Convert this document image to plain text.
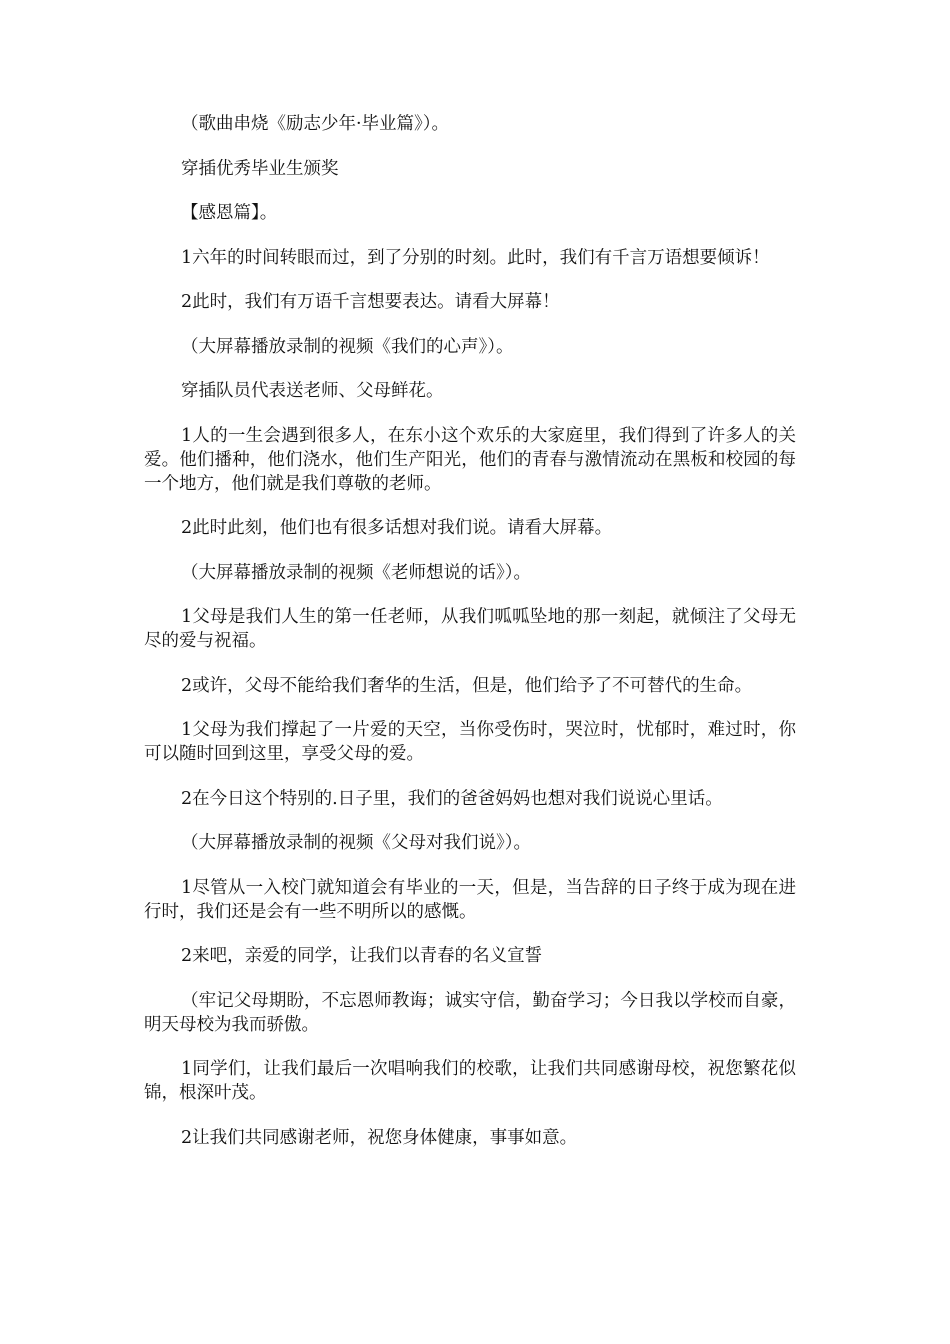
（歌曲串烧《励志少年·毕业篇》）。

穿插优秀毕业生颁奖

【感恩篇】。

1六年的时间转眼而过，到了分别的时刻。此时，我们有千言万语想要倾诉！

2此时，我们有万语千言想要表达。请看大屏幕！

（大屏幕播放录制的视频《我们的心声》）。

穿插队员代表送老师、父母鲜花。

1人的一生会遇到很多人，在东小这个欢乐的大家庭里，我们得到了许多人的关爱。他们播种，他们浇水，他们生产阳光，他们的青春与激情流动在黑板和校园的每一个地方，他们就是我们尊敬的老师。

2此时此刻，他们也有很多话想对我们说。请看大屏幕。

（大屏幕播放录制的视频《老师想说的话》）。

1父母是我们人生的第一任老师，从我们呱呱坠地的那一刻起，就倾注了父母无尽的爱与祝福。

2或许，父母不能给我们奢华的生活，但是，他们给予了不可替代的生命。

1父母为我们撑起了一片爱的天空，当你受伤时，哭泣时，忧郁时，难过时，你可以随时回到这里，享受父母的爱。

2在今日这个特别的.日子里，我们的爸爸妈妈也想对我们说说心里话。

（大屏幕播放录制的视频《父母对我们说》）。

1尽管从一入校门就知道会有毕业的一天，但是，当告辞的日子终于成为现在进行时，我们还是会有一些不明所以的感慨。

2来吧，亲爱的同学，让我们以青春的名义宣誓

（牢记父母期盼，不忘恩师教诲；诚实守信，勤奋学习；今日我以学校而自豪，明天母校为我而骄傲。

1同学们，让我们最后一次唱响我们的校歌，让我们共同感谢母校，祝您繁花似锦，根深叶茂。

2让我们共同感谢老师，祝您身体健康，事事如意。
